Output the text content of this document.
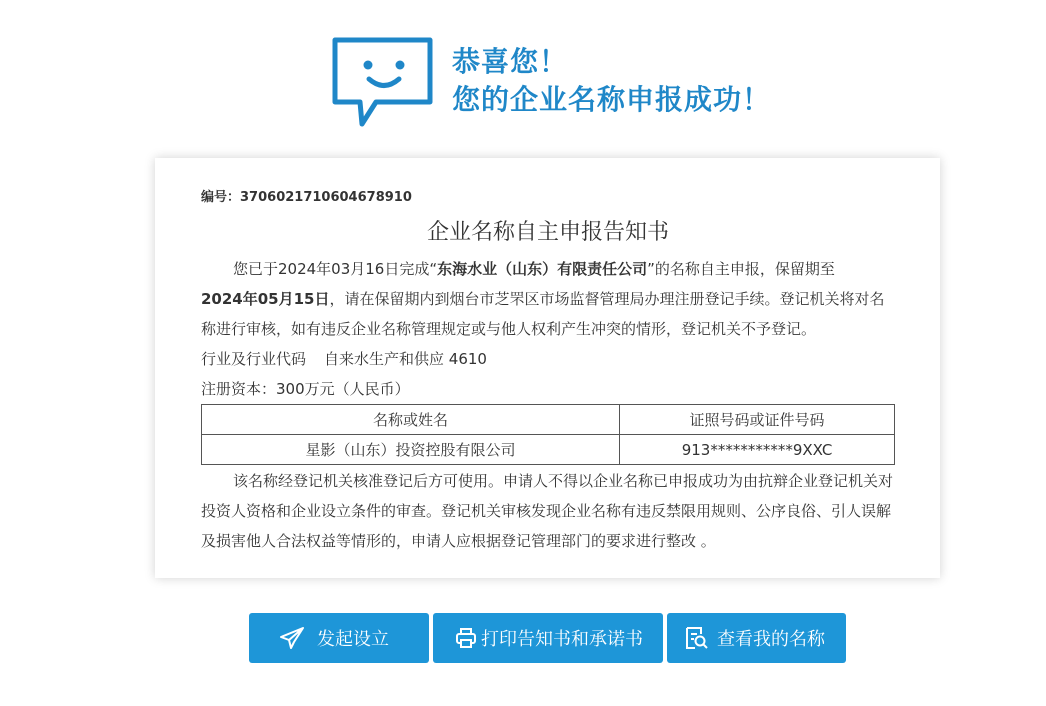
恭喜您！
您的企业名称申报成功！
编号：3706021710604678910
企业名称自主申报告知书
您已于2024年03月16日完成“东海水业（山东）有限责任公司”的名称自主申报，保留期至
2024年05月15日，请在保留期内到烟台市芝罘区市场监督管理局办理注册登记手续。登记机关将对名称进行审核，如有违反企业名称管理规定或与他人权利产生冲突的情形，登记机关不予登记。
行业及行业代码 自来水生产和供应 4610
注册资本：300万元（人民币）
名称或姓名	证照号码或证件号码
星影（山东）投资控股有限公司	913***********9XXC
该名称经登记机关核准登记后方可使用。申请人不得以企业名称已申报成功为由抗辩企业登记机关对投资人资格和企业设立条件的审查。登记机关审核发现企业名称有违反禁限用规则、公序良俗、引人误解及损害他人合法权益等情形的，申请人应根据登记管理部门的要求进行整改 。
发起设立	打印告知书和承诺书	查看我的名称
